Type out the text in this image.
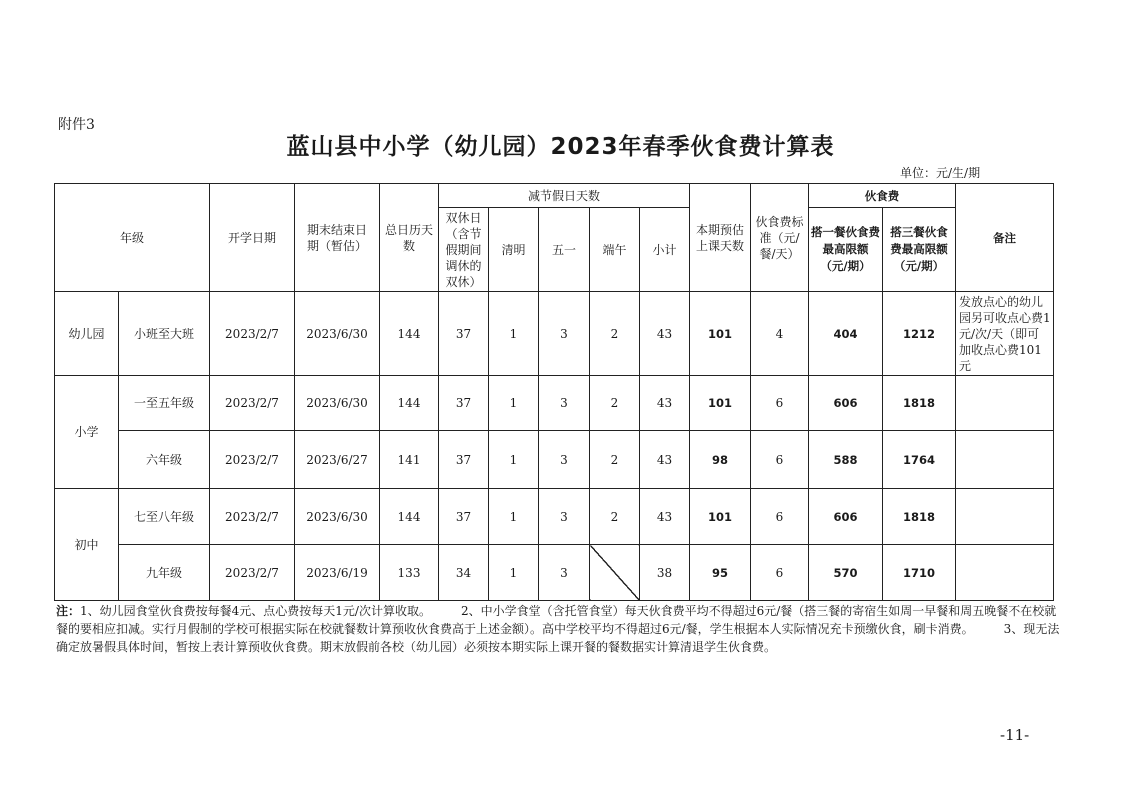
附件3
蓝山县中小学（幼儿园）2023年春季伙食费计算表
单位：元/生/期
年级		开学日期	期末结束日期（暂估）	总日历天数	减节假日天数					本期预估上课天数	伙食费标准（元/餐/天）	伙食费		备注
					双休日（含节假期间调休的双休）	清明	五一	端午	小计			搭一餐伙食费最高限额（元/期）	搭三餐伙食费最高限额（元/期）	
幼儿园	小班至大班	2023/2/7	2023/6/30	144	37	1	3	2	43	101	4	404	1212	发放点心的幼儿园另可收点心费1元/次/天（即可加收点心费101元
小学	一至五年级	2023/2/7	2023/6/30	144	37	1	3	2	43	101	6	606	1818	
	六年级	2023/2/7	2023/6/27	141	37	1	3	2	43	98	6	588	1764	
初中	七至八年级	2023/2/7	2023/6/30	144	37	1	3	2	43	101	6	606	1818	
	九年级	2023/2/7	2023/6/19	133	34	1	3		38	95	6	570	1710	
注：1、幼儿园食堂伙食费按每餐4元、点心费按每天1元/次计算收取。　　　2、中小学食堂（含托管食堂）每天伙食费平均不得超过6元/餐（搭三餐的寄宿生如周一早餐和周五晚餐不在校就餐的要相应扣减。实行月假制的学校可根据实际在校就餐数计算预收伙食费高于上述金额）。高中学校平均不得超过6元/餐，学生根据本人实际情况充卡预缴伙食，刷卡消费。　　　3、现无法确定放暑假具体时间，暂按上表计算预收伙食费。期末放假前各校（幼儿园）必须按本期实际上课开餐的餐数据实计算清退学生伙食费。
-11-
